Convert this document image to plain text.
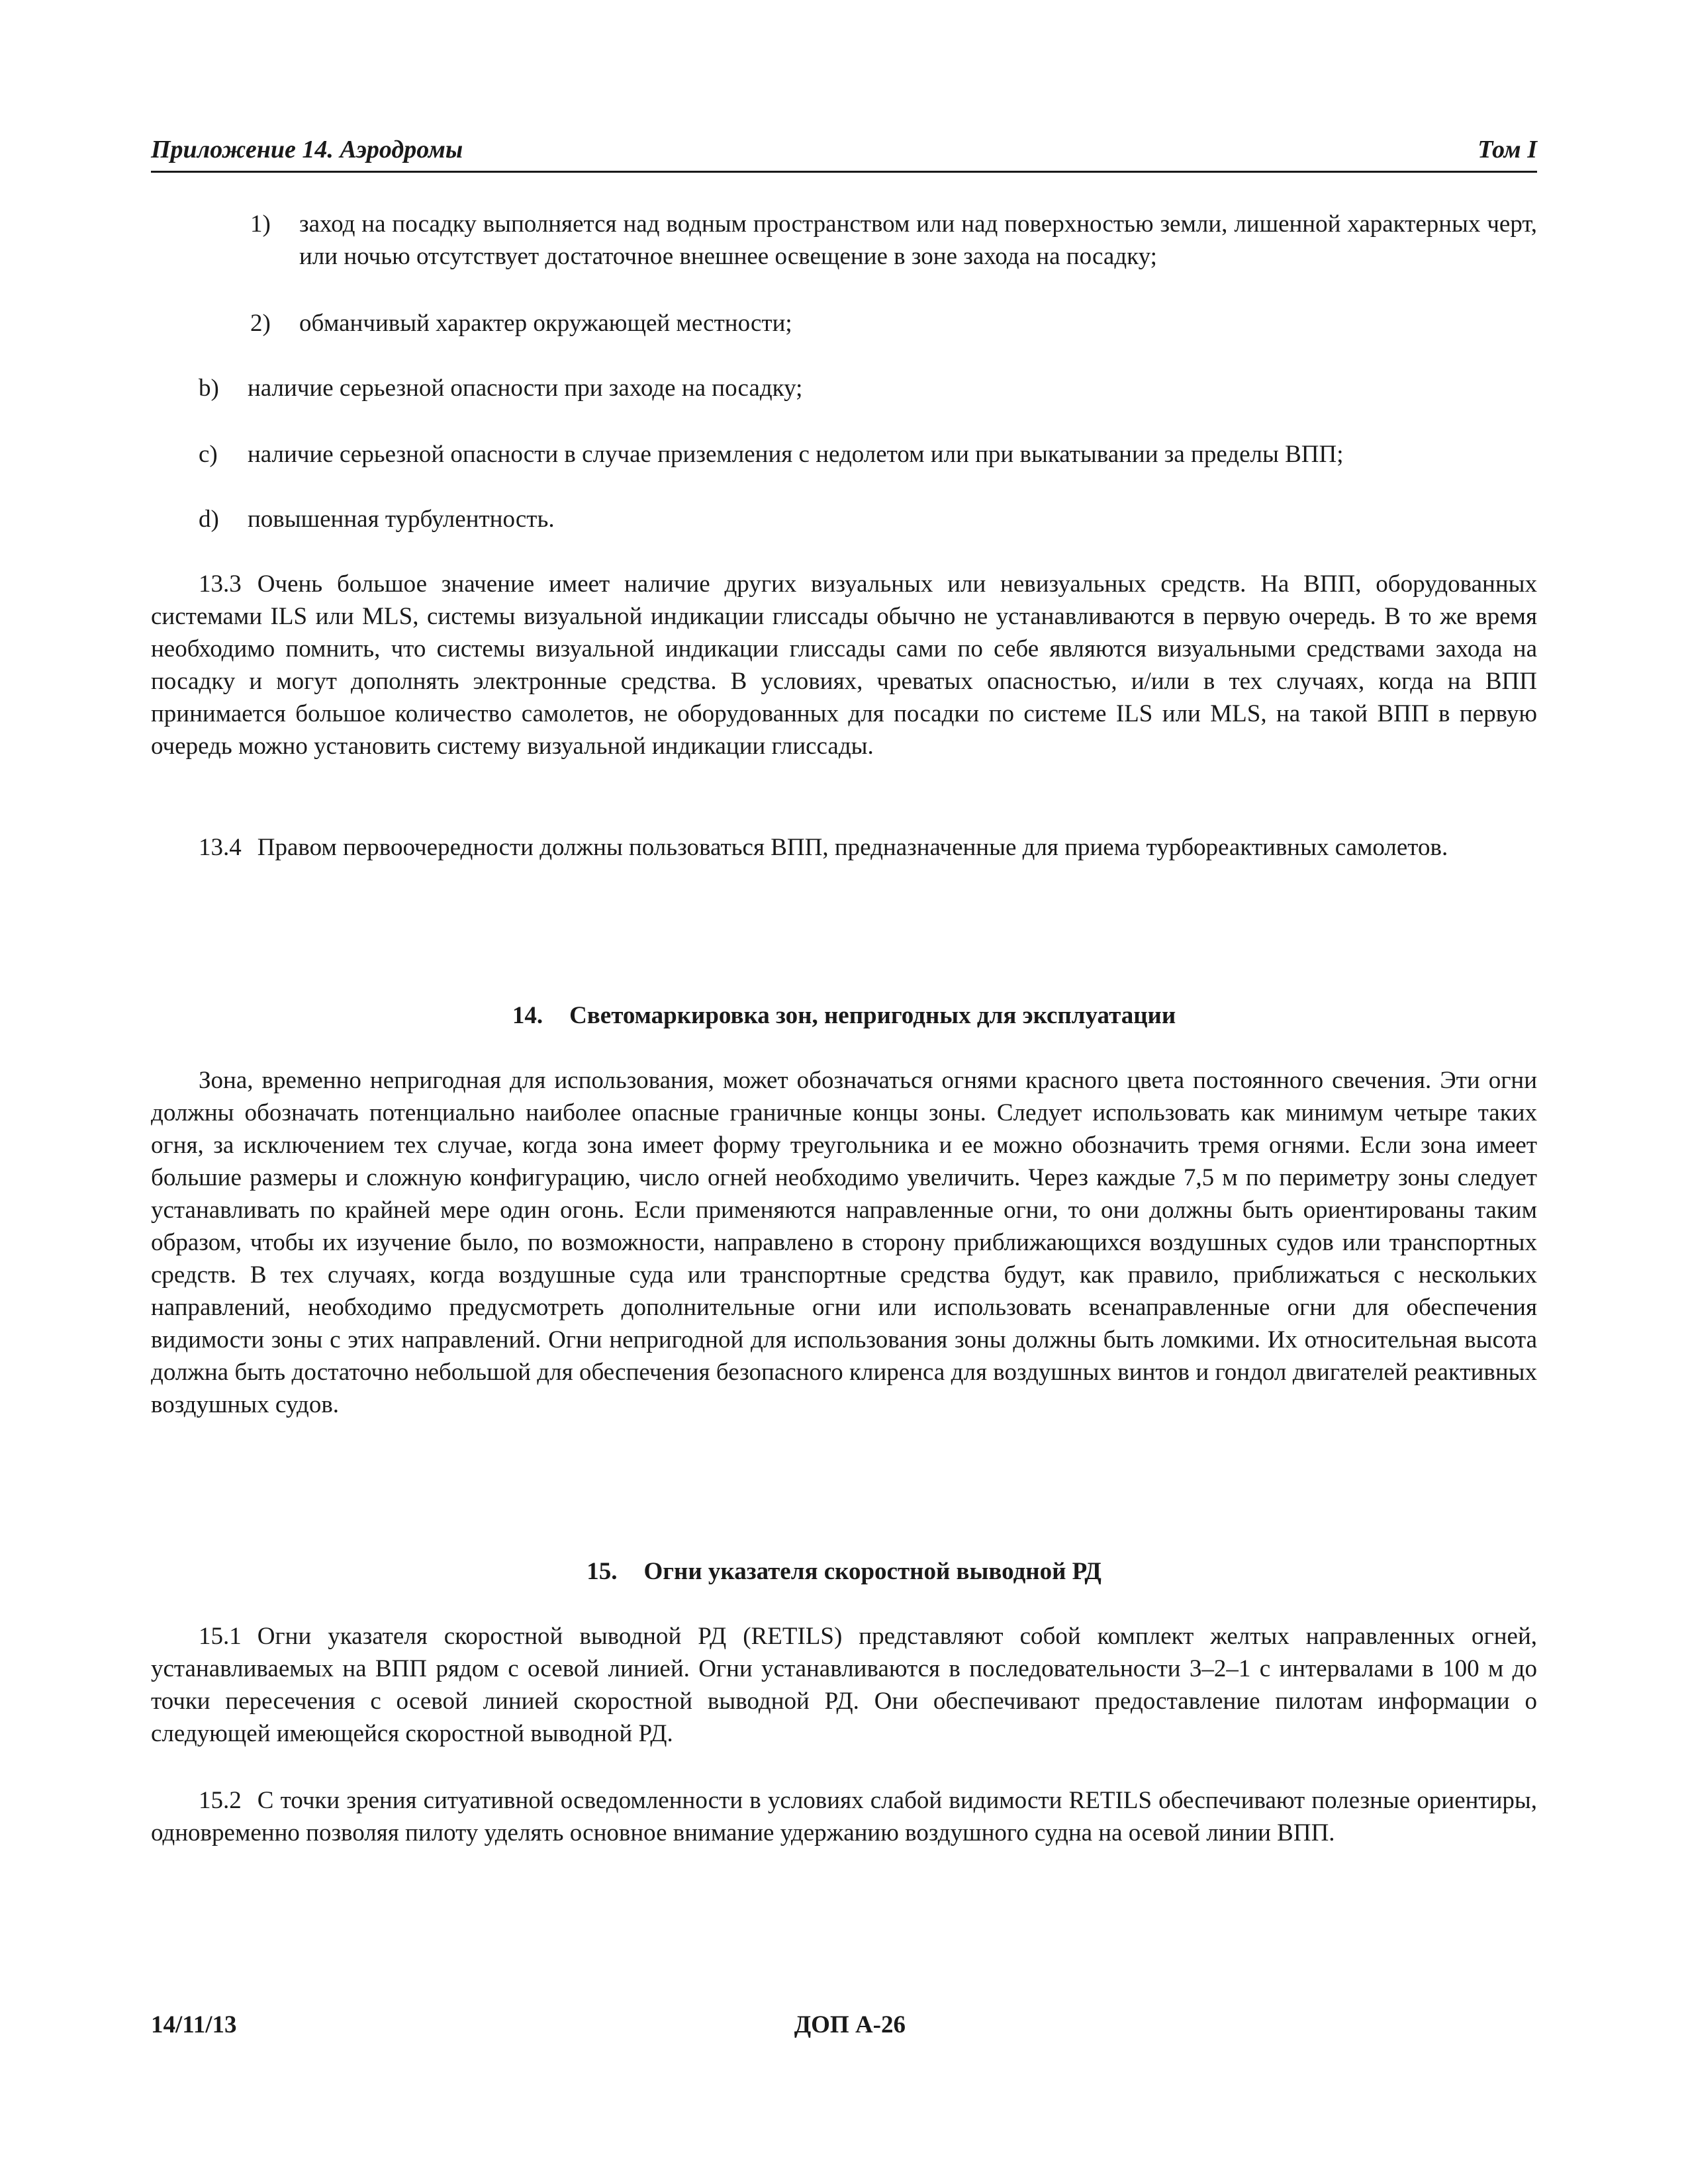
Приложение 14. Аэродромы	Том I
1)	заход на посадку выполняется над водным пространством или над поверхностью земли, лишенной характерных черт, или ночью отсутствует достаточное внешнее освещение в зоне захода на посадку;
2)	обманчивый характер окружающей местности;
b)	наличие серьезной опасности при заходе на посадку;
c)	наличие серьезной опасности в случае приземления с недолетом или при выкатывании за пределы ВПП;
d)	повышенная турбулентность.
13.3 Очень большое значение имеет наличие других визуальных или невизуальных средств. На ВПП, оборудованных системами ILS или MLS, системы визуальной индикации глиссады обычно не устанавливаются в первую очередь. В то же время необходимо помнить, что системы визуальной индикации глиссады сами по себе являются визуальными средствами захода на посадку и могут дополнять электронные средства. В условиях, чреватых опасностью, и/или в тех случаях, когда на ВПП принимается большое количество самолетов, не оборудованных для посадки по системе ILS или MLS, на такой ВПП в первую очередь можно установить систему визуальной индикации глиссады.
13.4 Правом первоочередности должны пользоваться ВПП, предназначенные для приема турбореактивных самолетов.
14. Светомаркировка зон, непригодных для эксплуатации
Зона, временно непригодная для использования, может обозначаться огнями красного цвета постоянного свечения. Эти огни должны обозначать потенциально наиболее опасные граничные концы зоны. Следует использовать как минимум четыре таких огня, за исключением тех случае, когда зона имеет форму треугольника и ее можно обозначить тремя огнями. Если зона имеет большие размеры и сложную конфигурацию, число огней необходимо увеличить. Через каждые 7,5 м по периметру зоны следует устанавливать по крайней мере один огонь. Если применяются направленные огни, то они должны быть ориентированы таким образом, чтобы их изучение было, по возможности, направлено в сторону приближающихся воздушных судов или транспортных средств. В тех случаях, когда воздушные суда или транспортные средства будут, как правило, приближаться с нескольких направлений, необходимо предусмотреть дополнительные огни или использовать всенаправленные огни для обеспечения видимости зоны с этих направлений. Огни непригодной для использования зоны должны быть ломкими. Их относительная высота должна быть достаточно небольшой для обеспечения безопасного клиренса для воздушных винтов и гондол двигателей реактивных воздушных судов.
15. Огни указателя скоростной выводной РД
15.1 Огни указателя скоростной выводной РД (RETILS) представляют собой комплект желтых направленных огней, устанавливаемых на ВПП рядом с осевой линией. Огни устанавливаются в последовательности 3–2–1 с интервалами в 100 м до точки пересечения с осевой линией скоростной выводной РД. Они обеспечивают предоставление пилотам информации о следующей имеющейся скоростной выводной РД.
15.2 С точки зрения ситуативной осведомленности в условиях слабой видимости RETILS обеспечивают полезные ориентиры, одновременно позволяя пилоту уделять основное внимание удержанию воздушного судна на осевой линии ВПП.
14/11/13	ДОП А-26
